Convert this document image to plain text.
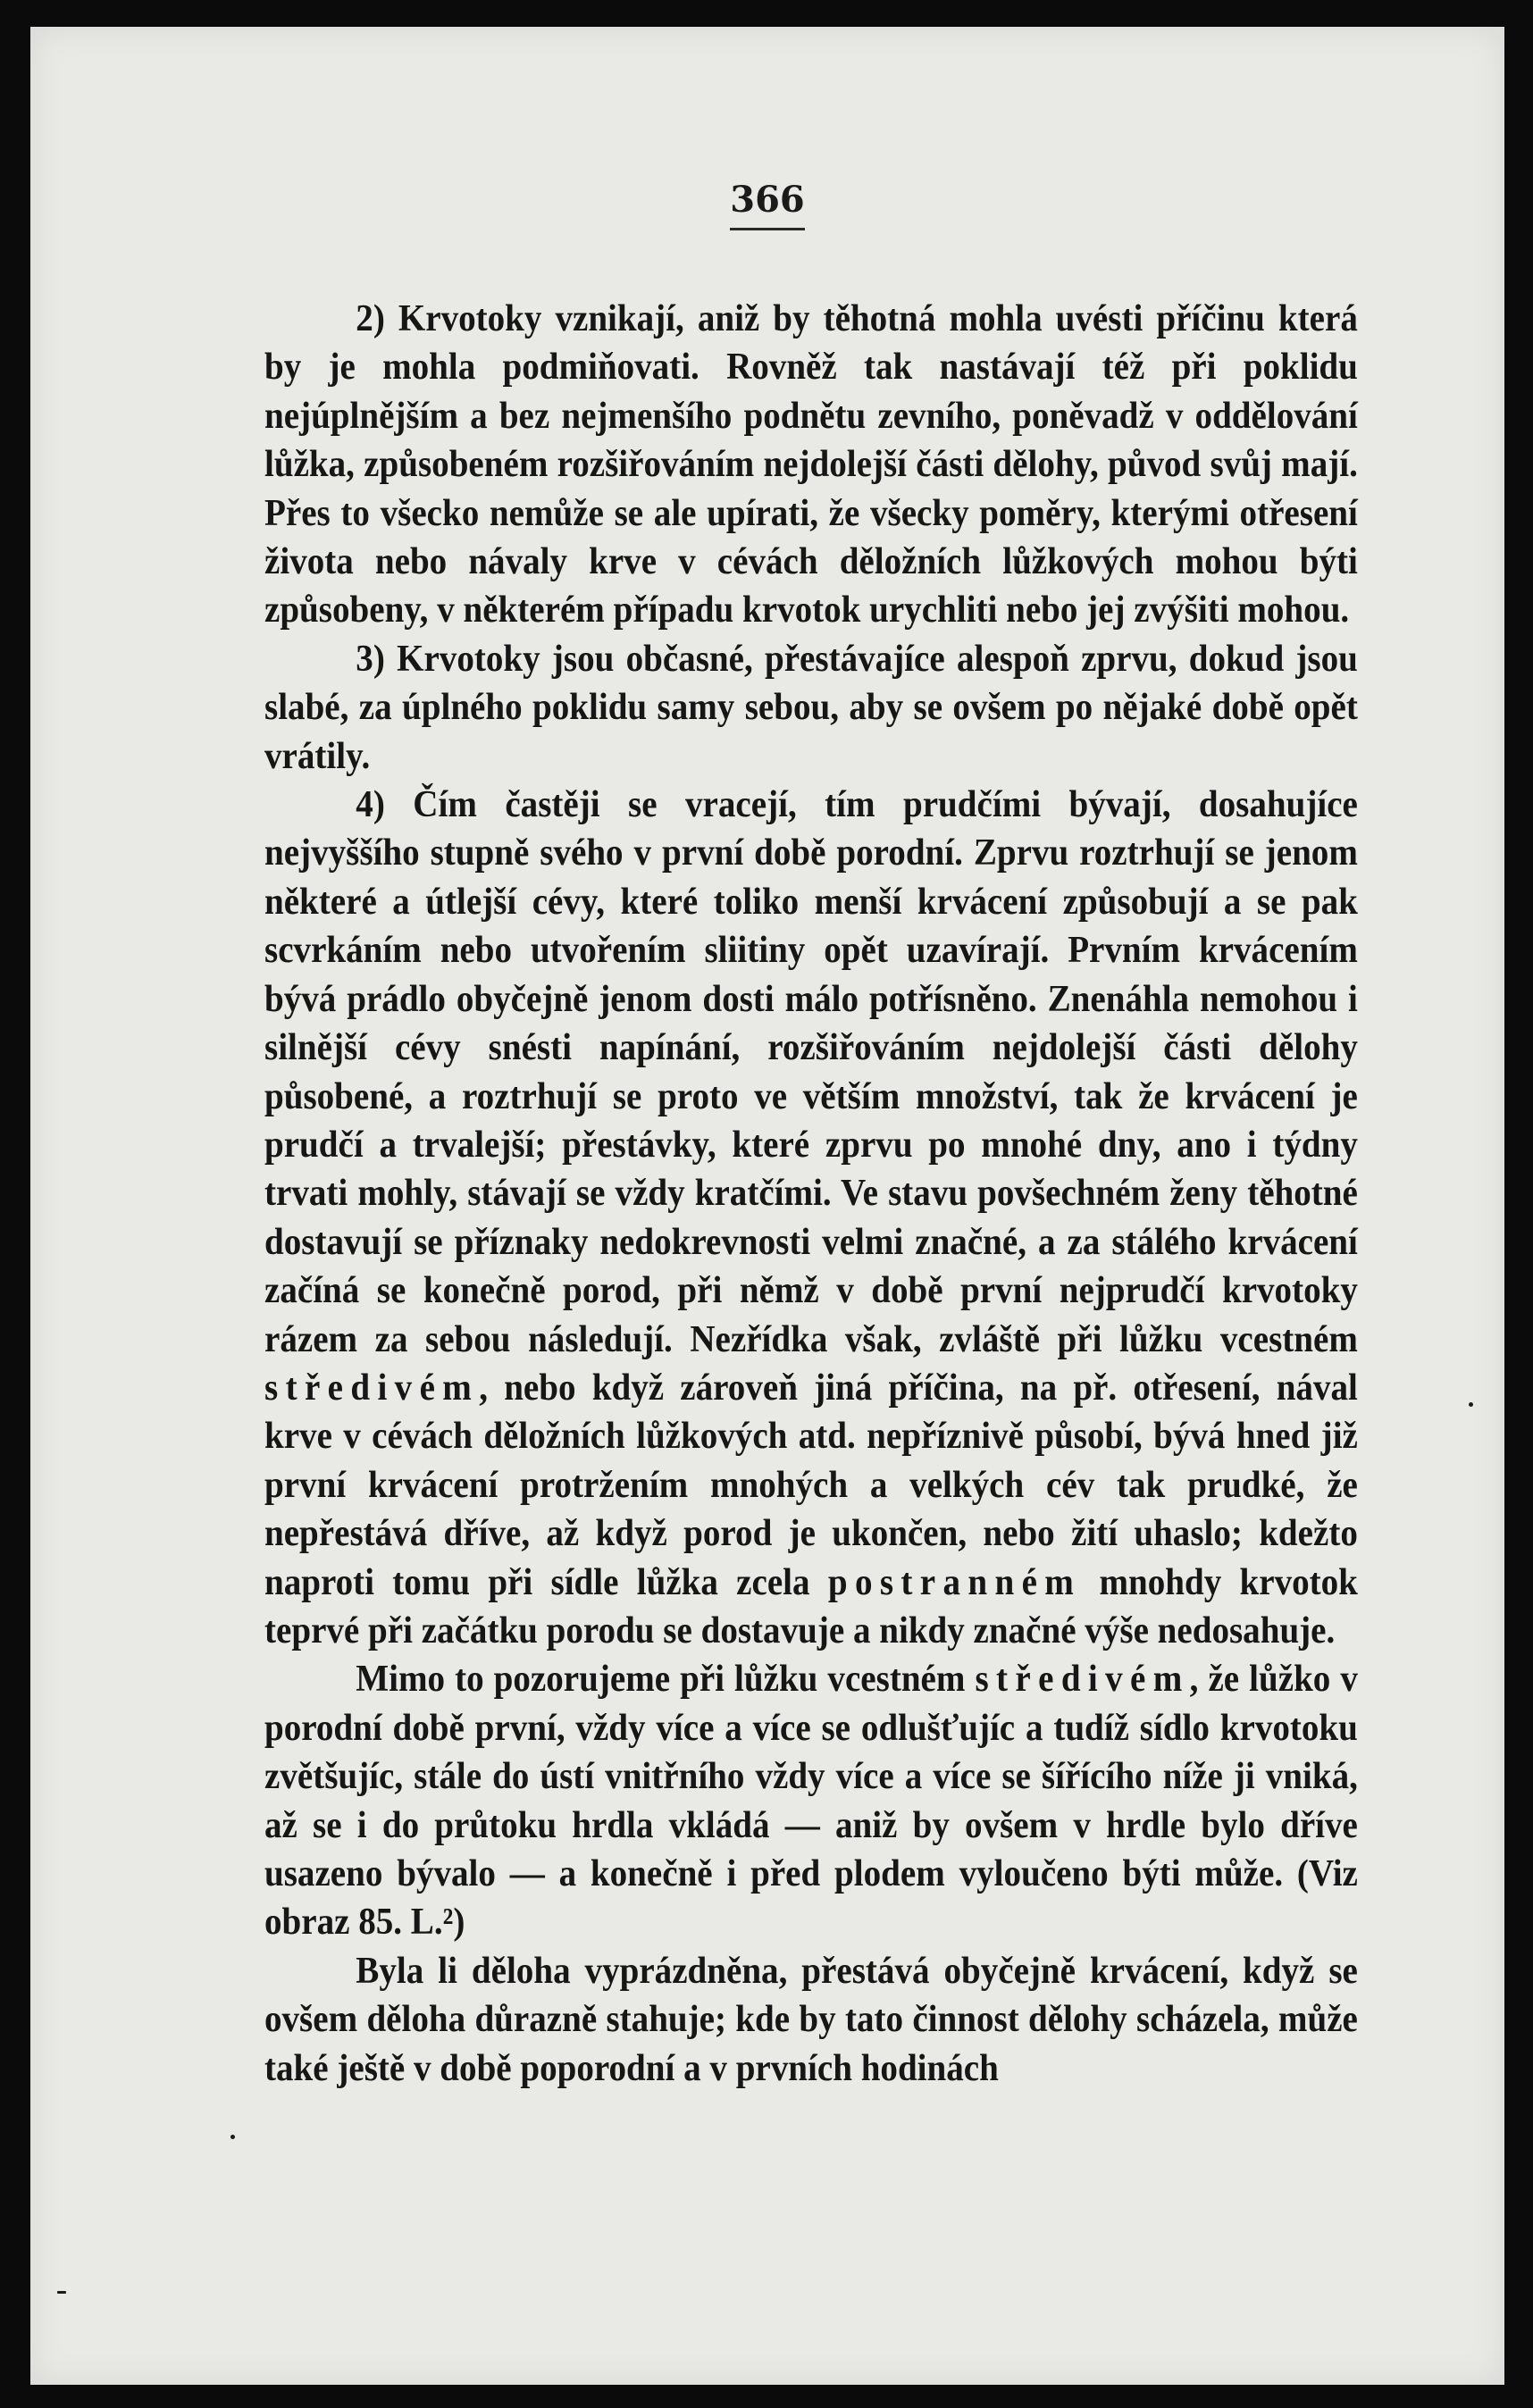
366

2) Krvotoky vznikají, aniž by těhotná mohla uvésti příčinu která by je mohla podmiňovati. Rovněž tak nastávají též při poklidu nejúplnějším a bez nejmenšího podnětu zevního, poněvadž v oddělování lůžka, způsobeném rozšiřováním nejdolejší části dělohy, původ svůj mají. Přes to všecko nemůže se ale upírati, že všecky poměry, kterými otřesení života nebo návaly krve v cévách děložních lůžkových mohou býti způsobeny, v některém případu krvotok urychliti nebo jej zvýšiti mohou.

3) Krvotoky jsou občasné, přestávajíce alespoň zprvu, dokud jsou slabé, za úplného poklidu samy sebou, aby se ovšem po nějaké době opět vrátily.

4) Čím častěji se vracejí, tím prudčími bývají, dosahujíce nejvyššího stupně svého v první době porodní. Zprvu roztrhují se jenom některé a útlejší cévy, které toliko menší krvácení způsobují a se pak scvrkáním nebo utvořením sliitiny opět uzavírají. Prvním krvácením bývá prádlo obyčejně jenom dosti málo potřísněno. Znenáhla nemohou i silnější cévy snésti napínání, rozšiřováním nejdolejší části dělohy působené, a roztrhují se proto ve větším množství, tak že krvácení je prudčí a trvalejší; přestávky, které zprvu po mnohé dny, ano i týdny trvati mohly, stávají se vždy kratčími. Ve stavu povšechném ženy těhotné dostavují se příznaky nedokrevnosti velmi značné, a za stálého krvácení začíná se konečně porod, při němž v době první nejprudčí krvotoky rázem za sebou následují. Nezřídka však, zvláště při lůžku vcestném středivém, nebo když zároveň jiná příčina, na př. otřesení, nával krve v cévách děložních lůžkových atd. nepříznivě působí, bývá hned již první krvácení protržením mnohých a velkých cév tak prudké, že nepřestává dříve, až když porod je ukončen, nebo žití uhaslo; kdežto naproti tomu při sídle lůžka zcela postranném mnohdy krvotok teprvé při začátku porodu se dostavuje a nikdy značné výše nedosahuje.

Mimo to pozorujeme při lůžku vcestném středivém, že lůžko v porodní době první, vždy více a více se odlušťujíc a tudíž sídlo krvotoku zvětšujíc, stále do ústí vnitřního vždy více a více se šířícího níže ji vniká, až se i do průtoku hrdla vkládá — aniž by ovšem v hrdle bylo dříve usazeno bývalo — a konečně i před plodem vyloučeno býti může. (Viz obraz 85. L.²)

Byla li děloha vyprázdněna, přestává obyčejně krvácení, když se ovšem děloha důrazně stahuje; kde by tato činnost dělohy scházela, může také ještě v době poporodní a v prvních hodinách
